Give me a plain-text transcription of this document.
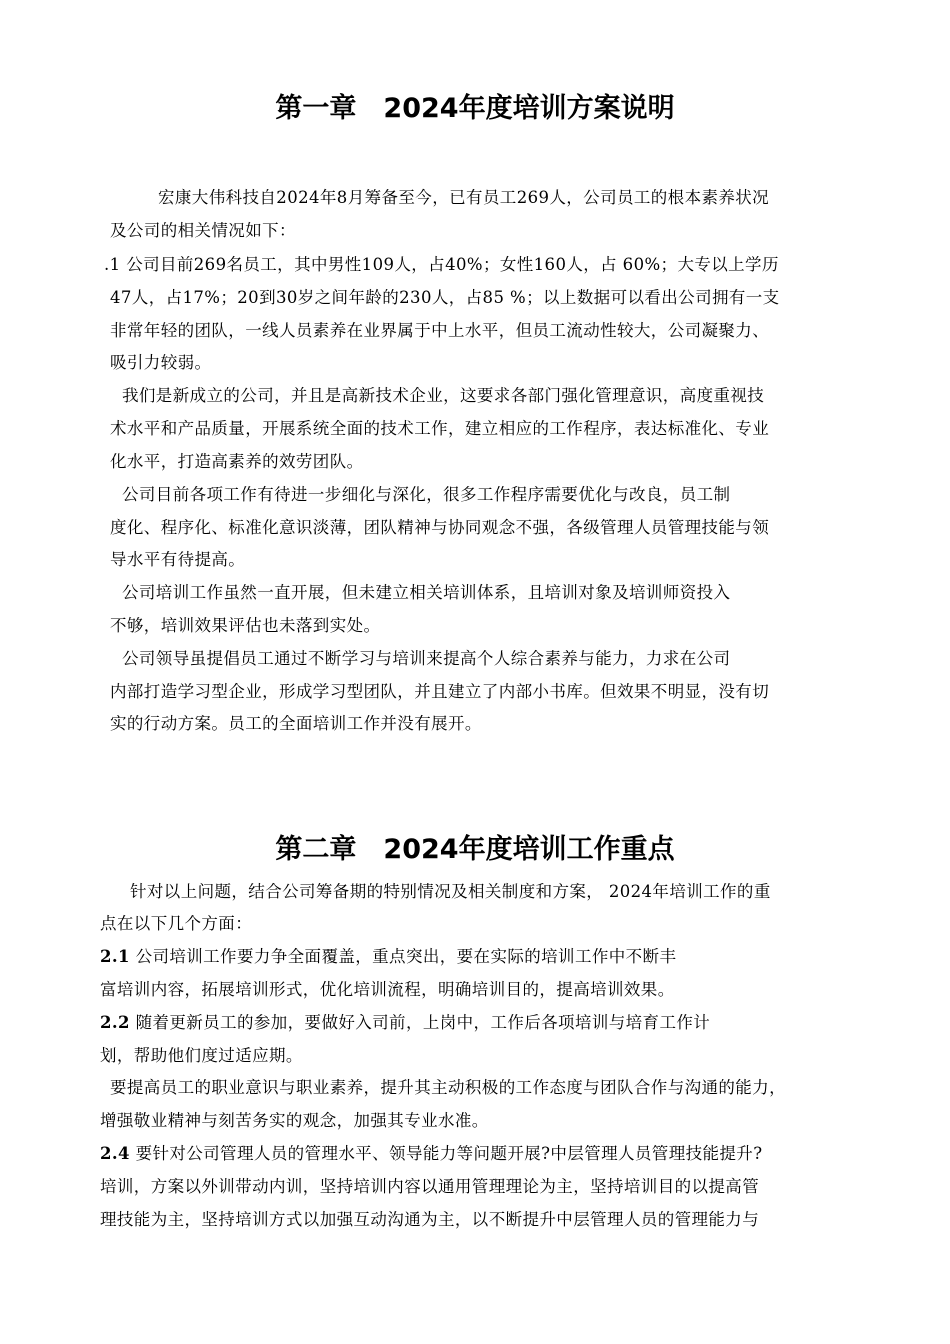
第一章　2024年度培训方案说明
宏康大伟科技自2024年8月筹备至今，已有员工269人，公司员工的根本素养状况
及公司的相关情况如下：
.1 公司目前269名员工，其中男性109人，占40%；女性160人，占 60%；大专以上学历
47人，占17%；20到30岁之间年龄的230人，占85 %；以上数据可以看出公司拥有一支
非常年轻的团队，一线人员素养在业界属于中上水平，但员工流动性较大，公司凝聚力、
吸引力较弱。
我们是新成立的公司，并且是高新技术企业，这要求各部门强化管理意识，高度重视技
术水平和产品质量，开展系统全面的技术工作，建立相应的工作程序，表达标准化、专业
化水平，打造高素养的效劳团队。
公司目前各项工作有待进一步细化与深化，很多工作程序需要优化与改良，员工制
度化、程序化、标准化意识淡薄，团队精神与协同观念不强，各级管理人员管理技能与领
导水平有待提高。
公司培训工作虽然一直开展，但未建立相关培训体系，且培训对象及培训师资投入
不够，培训效果评估也未落到实处。
公司领导虽提倡员工通过不断学习与培训来提高个人综合素养与能力，力求在公司
内部打造学习型企业，形成学习型团队，并且建立了内部小书库。但效果不明显，没有切
实的行动方案。员工的全面培训工作并没有展开。
第二章　2024年度培训工作重点
针对以上问题，结合公司筹备期的特别情况及相关制度和方案， 2024年培训工作的重
点在以下几个方面：
2.1 公司培训工作要力争全面覆盖，重点突出，要在实际的培训工作中不断丰
富培训内容，拓展培训形式，优化培训流程，明确培训目的，提高培训效果。
2.2 随着更新员工的参加，要做好入司前，上岗中，工作后各项培训与培育工作计
划，帮助他们度过适应期。
要提高员工的职业意识与职业素养，提升其主动积极的工作态度与团队合作与沟通的能力，
增强敬业精神与刻苦务实的观念，加强其专业水准。
2.4 要针对公司管理人员的管理水平、领导能力等问题开展?中层管理人员管理技能提升?
培训，方案以外训带动内训，坚持培训内容以通用管理理论为主，坚持培训目的以提高管
理技能为主，坚持培训方式以加强互动沟通为主，以不断提升中层管理人员的管理能力与
